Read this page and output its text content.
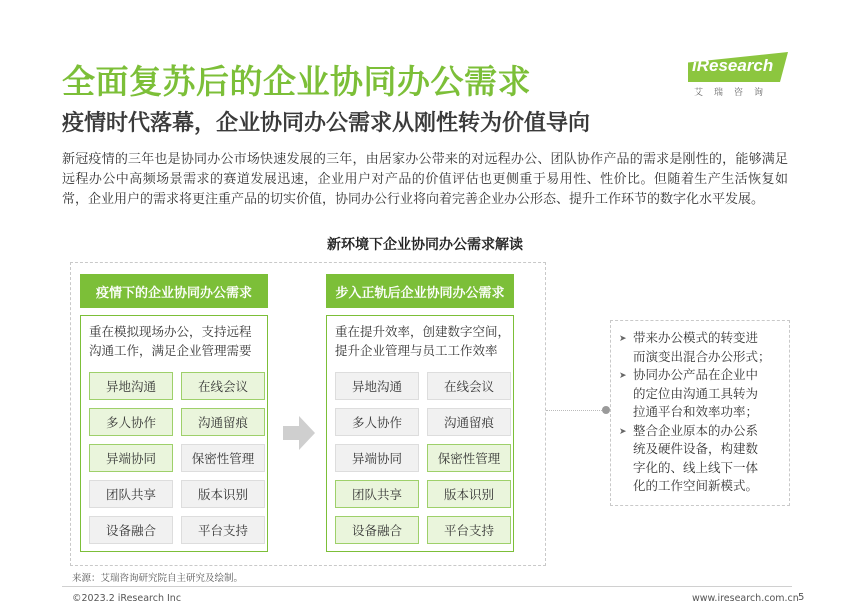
全面复苏后的企业协同办公需求
疫情时代落幕，企业协同办公需求从刚性转为价值导向
iResearch
艾瑞咨询
新冠疫情的三年也是协同办公市场快速发展的三年，由居家办公带来的对远程办公、团队协作产品的需求是刚性的，能够满足远程办公中高频场景需求的赛道发展迅速，企业用户对产品的价值评估也更侧重于易用性、性价比。但随着生产生活恢复如常，企业用户的需求将更注重产品的切实价值，协同办公行业将向着完善企业办公形态、提升工作环节的数字化水平发展。
新环境下企业协同办公需求解读
疫情下的企业协同办公需求
重在模拟现场办公，支持远程
沟通工作，满足企业管理需要
异地沟通	在线会议
多人协作	沟通留痕
异端协同	保密性管理
团队共享	版本识别
设备融合	平台支持
步入正轨后企业协同办公需求
重在提升效率，创建数字空间，
提升企业管理与员工工作效率
异地沟通	在线会议
多人协作	沟通留痕
异端协同	保密性管理
团队共享	版本识别
设备融合	平台支持
➤ 带来办公模式的转变进
而演变出混合办公形式；
➤ 协同办公产品在企业中
的定位由沟通工具转为
拉通平台和效率功率；
➤ 整合企业原本的办公系
统及硬件设备，构建数
字化的、线上线下一体
化的工作空间新模式。
来源：艾瑞咨询研究院自主研究及绘制。
©2023.2 iResearch Inc	www.iresearch.com.cn 5
